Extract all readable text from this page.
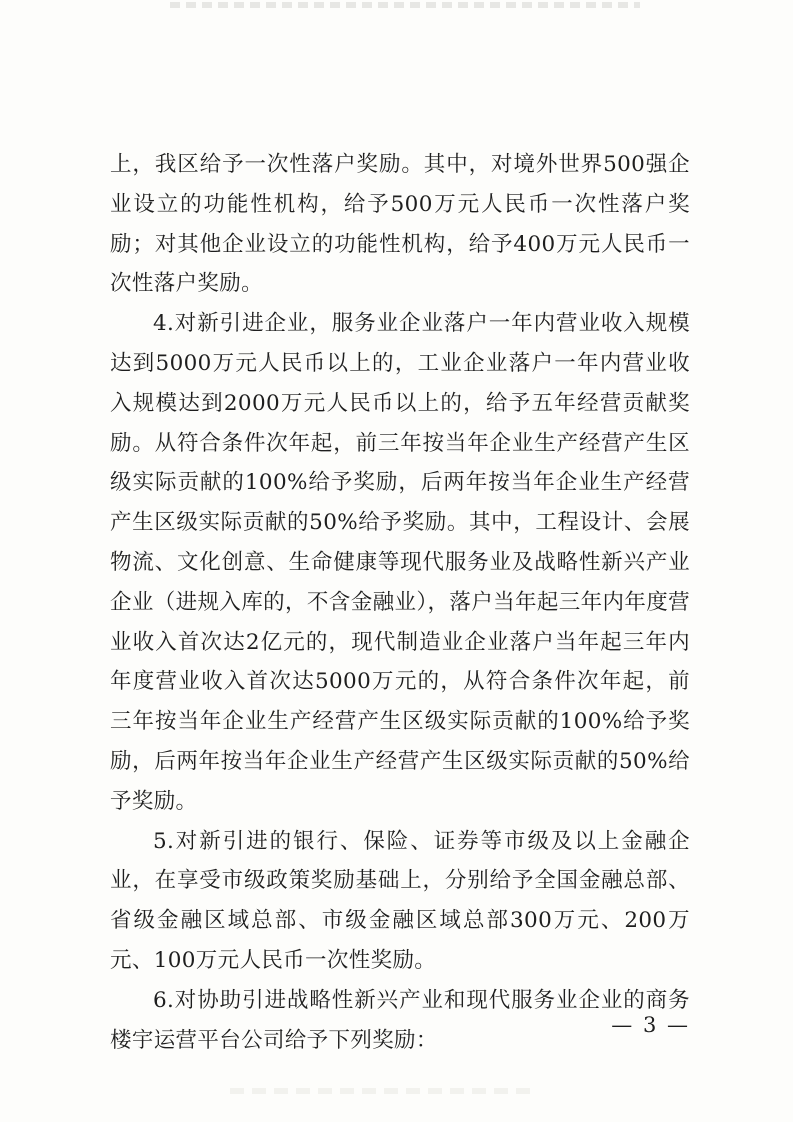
上，我区给予一次性落户奖励。其中，对境外世界500强企业设立的功能性机构，给予500万元人民币一次性落户奖励；对其他企业设立的功能性机构，给予400万元人民币一次性落户奖励。

4.对新引进企业，服务业企业落户一年内营业收入规模达到5000万元人民币以上的，工业企业落户一年内营业收入规模达到2000万元人民币以上的，给予五年经营贡献奖励。从符合条件次年起，前三年按当年企业生产经营产生区级实际贡献的100%给予奖励，后两年按当年企业生产经营产生区级实际贡献的50%给予奖励。其中，工程设计、会展物流、文化创意、生命健康等现代服务业及战略性新兴产业企业（进规入库的，不含金融业），落户当年起三年内年度营业收入首次达2亿元的，现代制造业企业落户当年起三年内年度营业收入首次达5000万元的，从符合条件次年起，前三年按当年企业生产经营产生区级实际贡献的100%给予奖励，后两年按当年企业生产经营产生区级实际贡献的50%给予奖励。

5.对新引进的银行、保险、证券等市级及以上金融企业，在享受市级政策奖励基础上，分别给予全国金融总部、省级金融区域总部、市级金融区域总部300万元、200万元、100万元人民币一次性奖励。

6.对协助引进战略性新兴产业和现代服务业企业的商务楼宇运营平台公司给予下列奖励：

— 3 —
